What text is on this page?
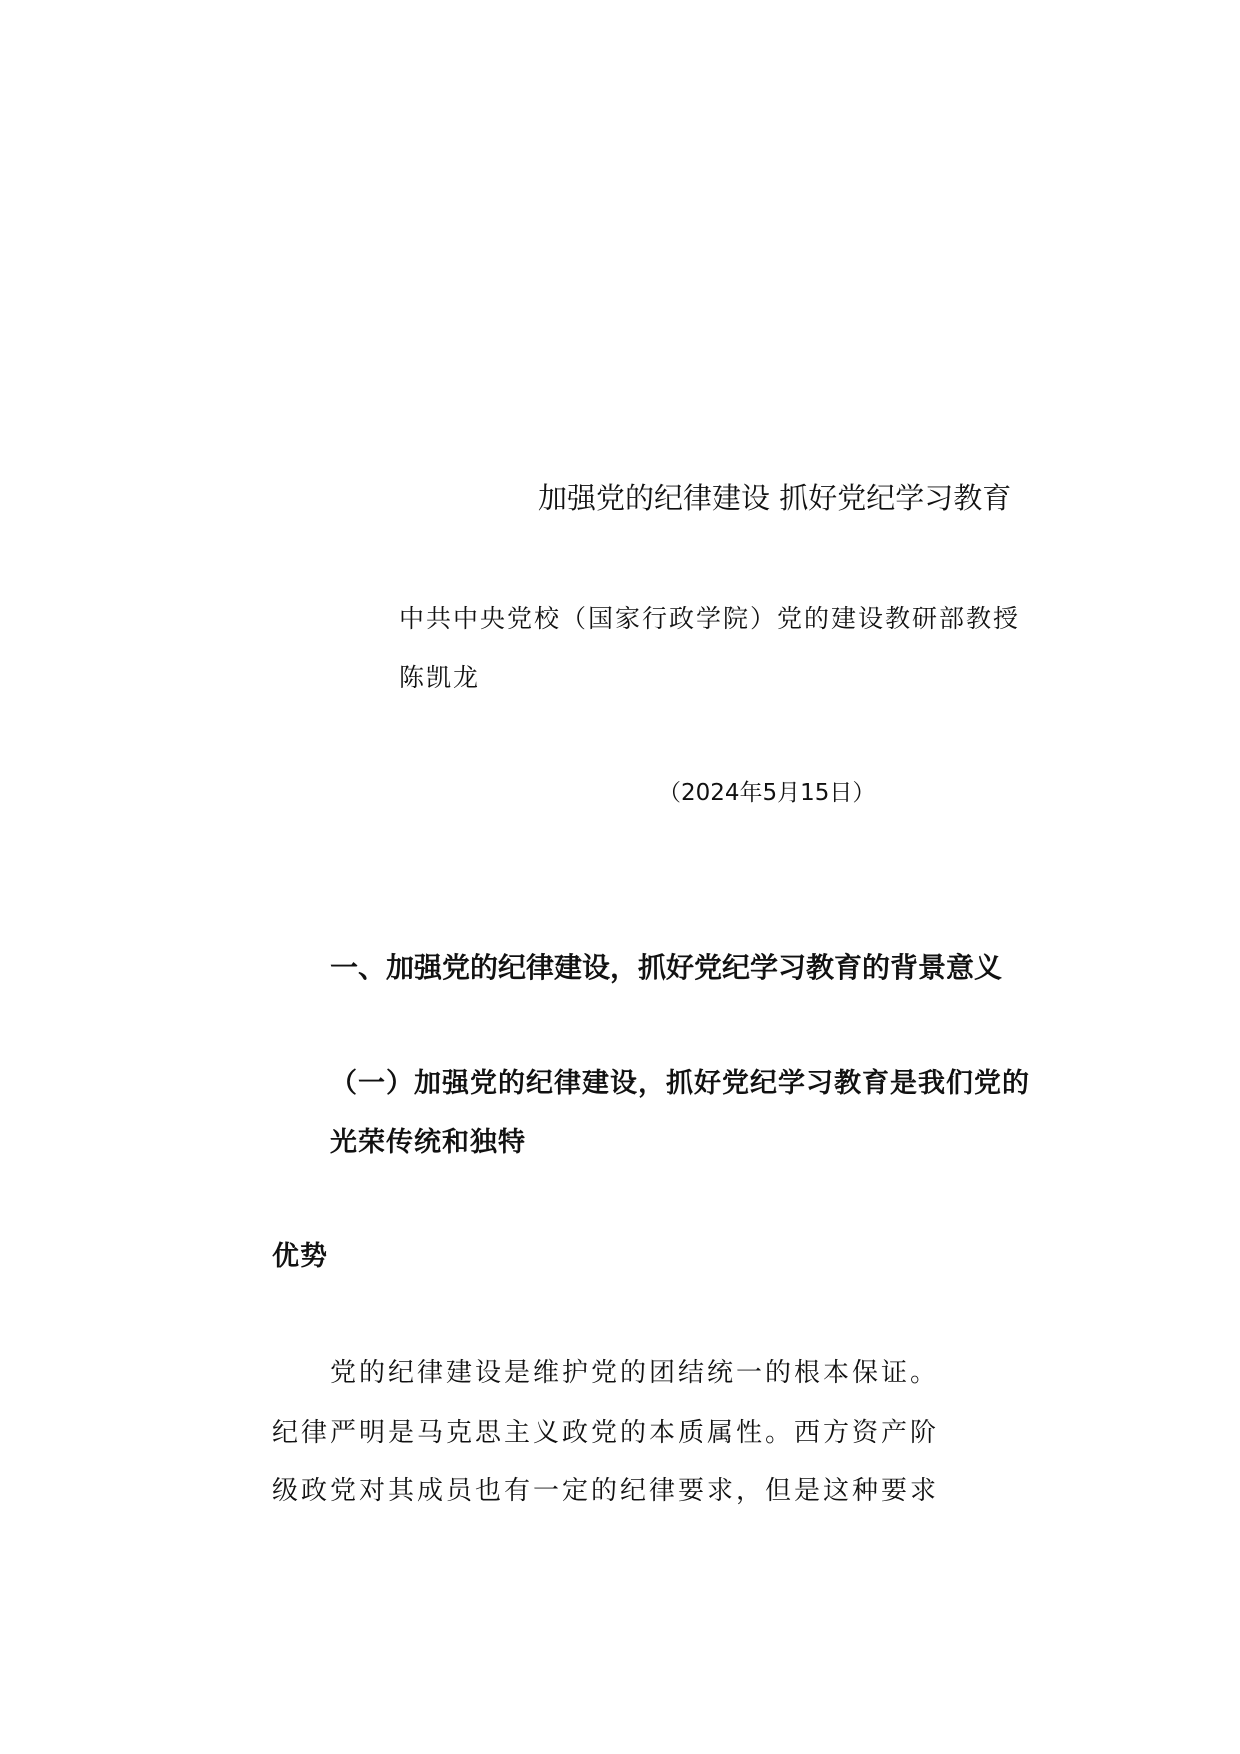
加强党的纪律建设 抓好党纪学习教育

中共中央党校（国家行政学院）党的建设教研部教授

陈凯龙

（2024年5月15日）

一、加强党的纪律建设，抓好党纪学习教育的背景意义
（一）加强党的纪律建设，抓好党纪学习教育是我们党的
光荣传统和独特
优势

党的纪律建设是维护党的团结统一的根本保证。

纪律严明是马克思主义政党的本质属性。西方资产阶

级政党对其成员也有一定的纪律要求，但是这种要求
